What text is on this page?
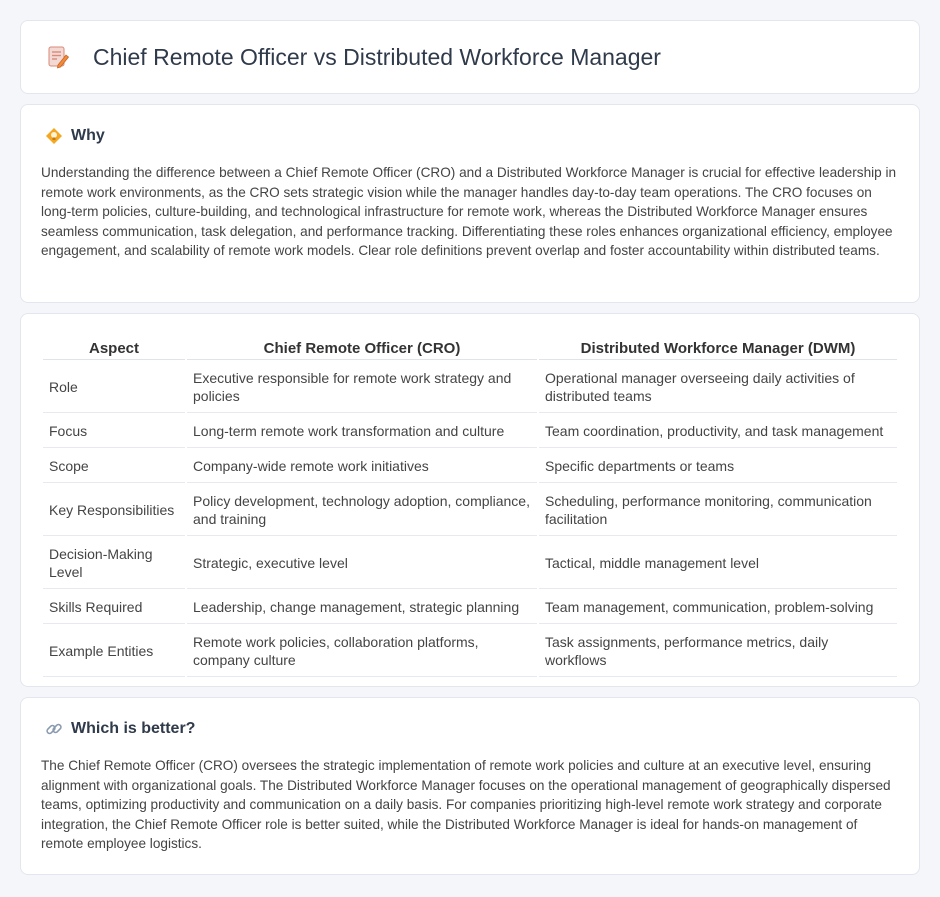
Chief Remote Officer vs Distributed Workforce Manager
Why

Understanding the difference between a Chief Remote Officer (CRO) and a Distributed Workforce Manager is crucial for effective leadership in remote work environments, as the CRO sets strategic vision while the manager handles day-to-day team operations. The CRO focuses on long-term policies, culture-building, and technological infrastructure for remote work, whereas the Distributed Workforce Manager ensures seamless communication, task delegation, and performance tracking. Differentiating these roles enhances organizational efficiency, employee engagement, and scalability of remote work models. Clear role definitions prevent overlap and foster accountability within distributed teams.

Aspect	Chief Remote Officer (CRO)	Distributed Workforce Manager (DWM)
Role	Executive responsible for remote work strategy and policies	Operational manager overseeing daily activities of distributed teams
Focus	Long-term remote work transformation and culture	Team coordination, productivity, and task management
Scope	Company-wide remote work initiatives	Specific departments or teams
Key Responsibilities	Policy development, technology adoption, compliance, and training	Scheduling, performance monitoring, communication facilitation
Decision-Making Level	Strategic, executive level	Tactical, middle management level
Skills Required	Leadership, change management, strategic planning	Team management, communication, problem-solving
Example Entities	Remote work policies, collaboration platforms, company culture	Task assignments, performance metrics, daily workflows
Which is better?

The Chief Remote Officer (CRO) oversees the strategic implementation of remote work policies and culture at an executive level, ensuring alignment with organizational goals. The Distributed Workforce Manager focuses on the operational management of geographically dispersed teams, optimizing productivity and communication on a daily basis. For companies prioritizing high-level remote work strategy and corporate integration, the Chief Remote Officer role is better suited, while the Distributed Workforce Manager is ideal for hands-on management of remote employee logistics.
